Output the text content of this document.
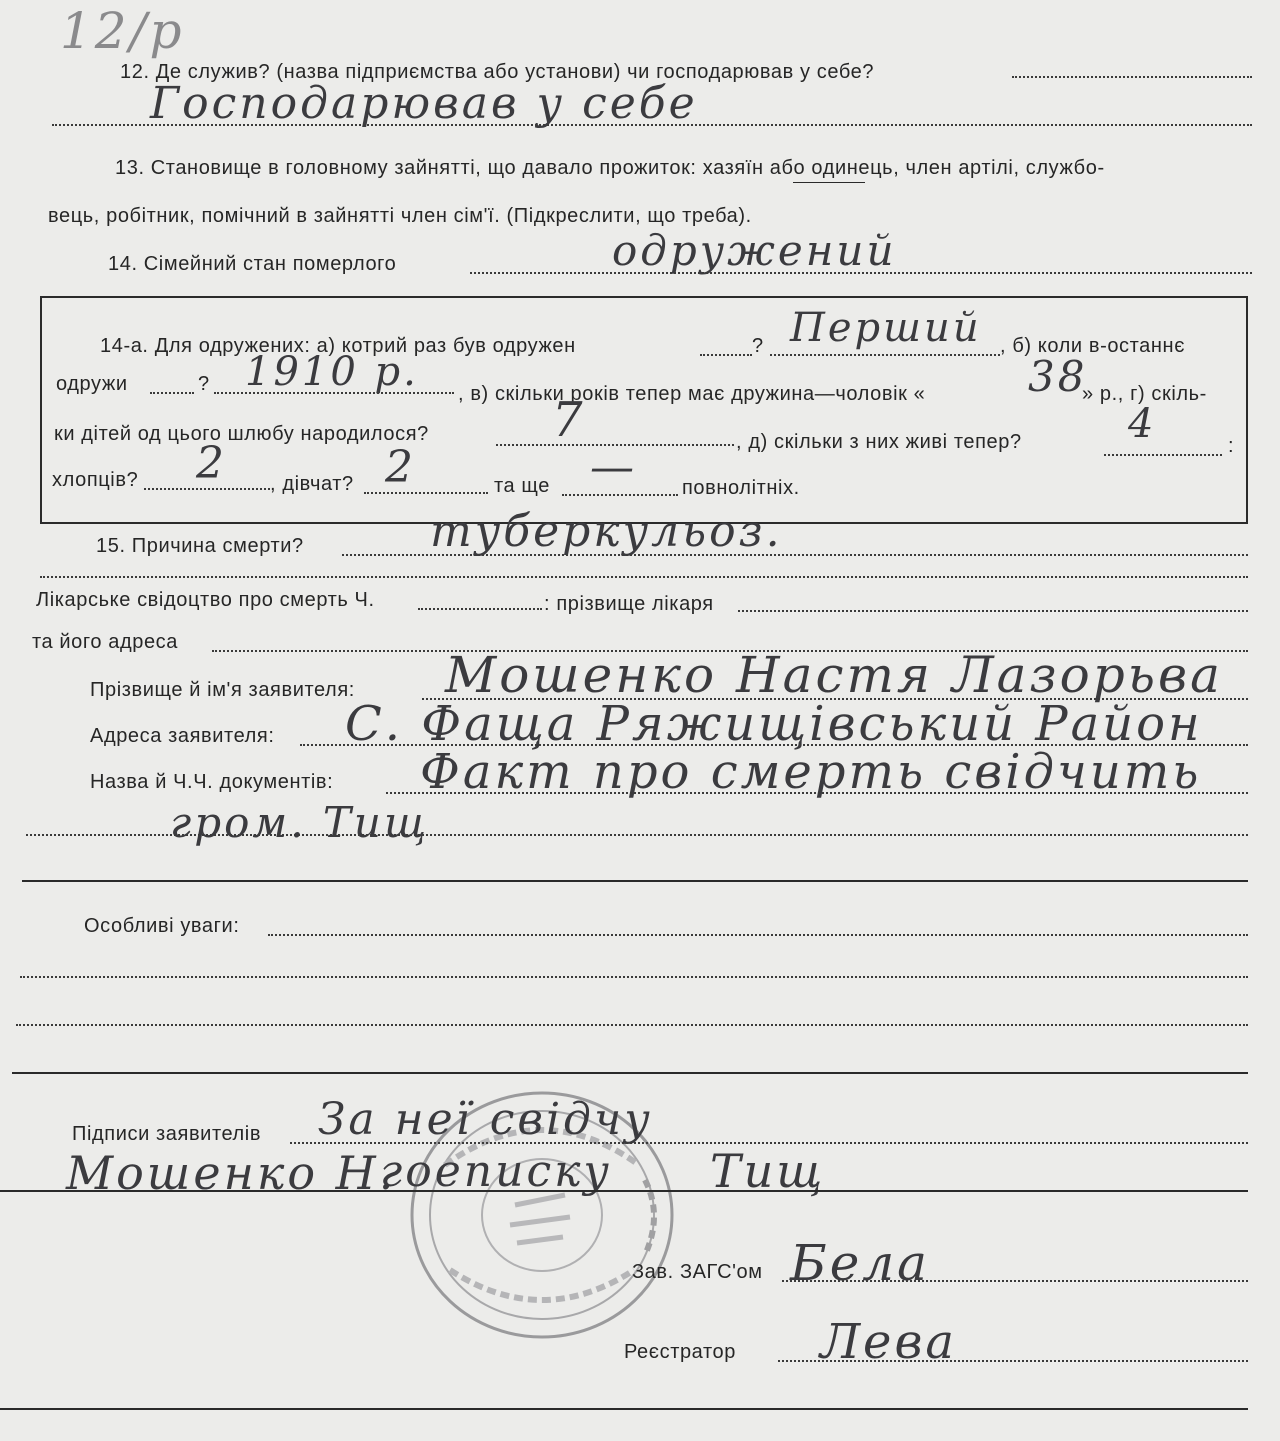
12/р
12. Де служив? (назва підприємства або установи) чи господарював у себе?
Господарював у себе
13. Становище в головному зайнятті, що давало прожиток: хазяїн або одинець, член артілі, службо-
вець, робітник, помічний в зайнятті член сім'ї. (Підкреслити, що треба).
14. Сімейний стан померлого	одружений
14-а. Для одружених: а) котрий раз був одружен	? Перший , б) коли в-останнє
одружи	? 1910 р. , в) скільки років тепер має дружина—чоловік « 38
» р., г) скіль-
ки дітей од цього шлюбу народилося?	7	, д) скільки з них живі тепер?	4	:
хлопців? 2 , дівчат? 2	та ще — повнолітніх.
15. Причина смерти?	туберкульоз.
Лікарське свідоцтво про смерть Ч.	: прізвище лікаря
та його адреса
Прізвище й ім'я заявителя: Мошенко Настя Лазорьва
Адреса заявителя: С. Фаща Ряжищівський Район
Назва й Ч.Ч. документів: Факт про смерть свідчить
гром. Тищ
Особливі уваги:
Підписи заявителів За неї свідчу
Мошенко Н.
гоеписку Тищ
Зав. ЗАГС'ом Бела
Реєстратор Лева
